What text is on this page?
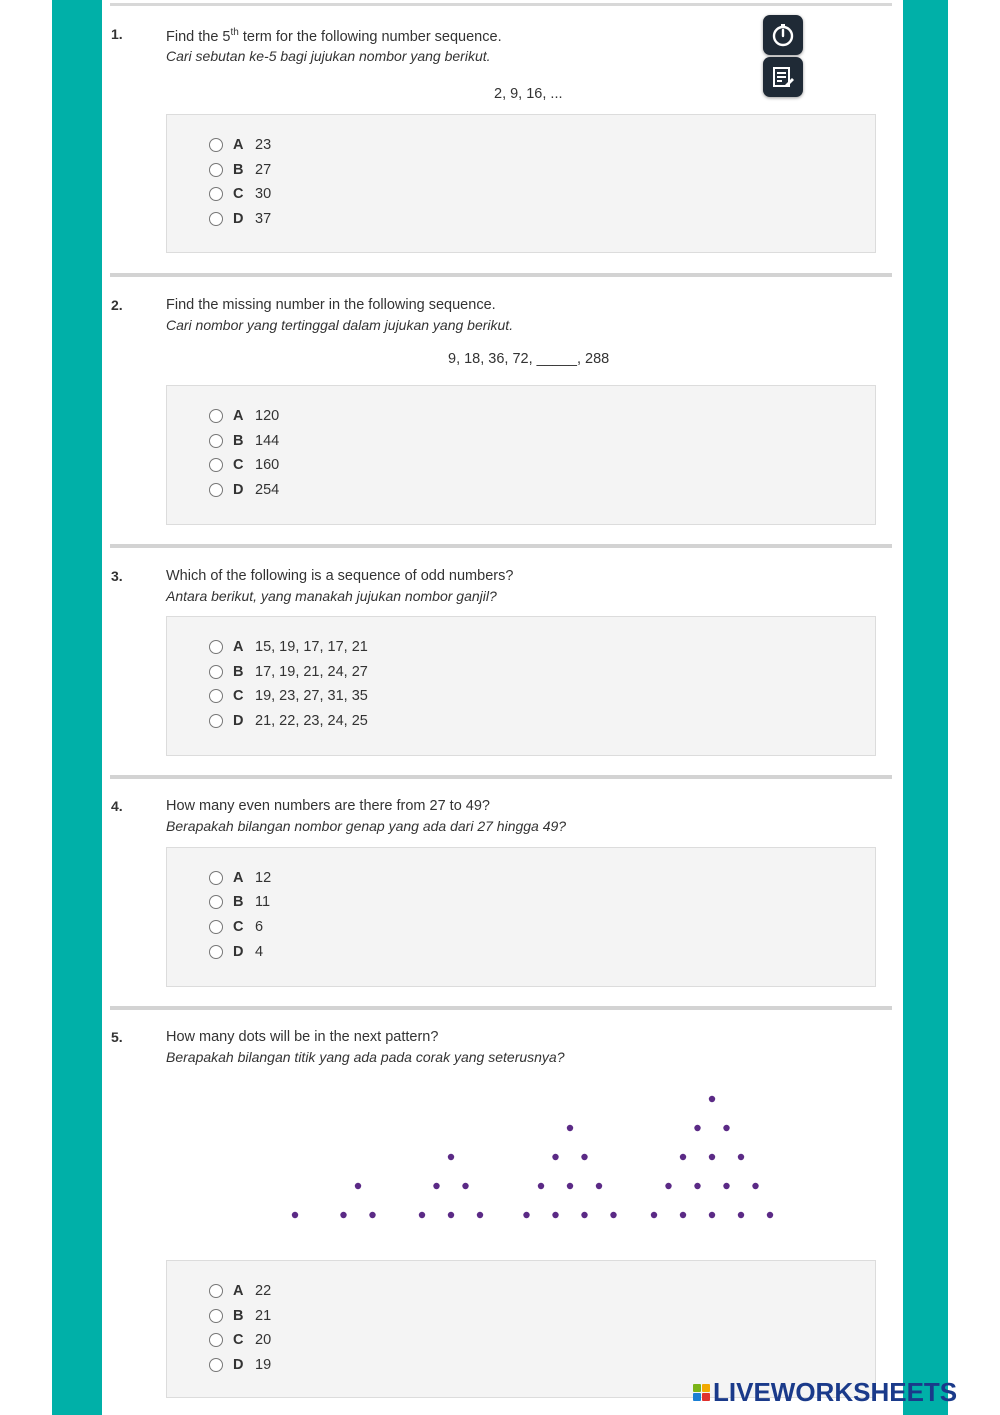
1.	Find the 5th term for the following number sequence.
Cari sebutan ke-5 bagi jujukan nombor yang berikut.
2, 9, 16, ...
A 23
B 27
C 30
D 37
2.	Find the missing number in the following sequence.
Cari nombor yang tertinggal dalam jujukan yang berikut.
9, 18, 36, 72, _____, 288
A 120
B 144
C 160
D 254
3.	Which of the following is a sequence of odd numbers?
Antara berikut, yang manakah jujukan nombor ganjil?
A 15, 19, 17, 17, 21
B 17, 19, 21, 24, 27
C 19, 23, 27, 31, 35
D 21, 22, 23, 24, 25
4.	How many even numbers are there from 27 to 49?
Berapakah bilangan nombor genap yang ada dari 27 hingga 49?
A 12
B 11
C 6
D 4
5.	How many dots will be in the next pattern?
Berapakah bilangan titik yang ada pada corak yang seterusnya?
A 22
B 21
C 20
D 19
LIVEWORKSHEETS
